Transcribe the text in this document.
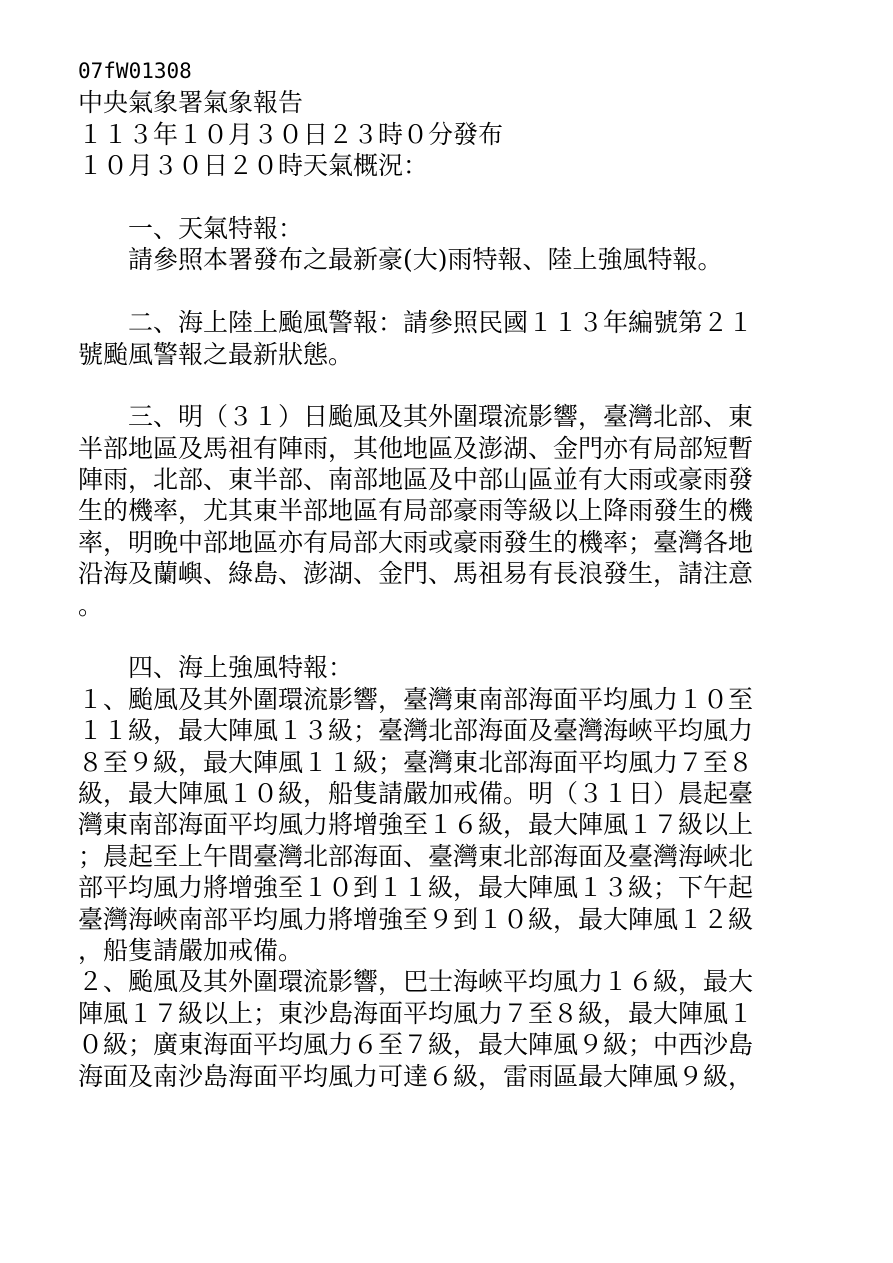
07fW01308
中央氣象署氣象報告
１１３年１０月３０日２３時０分發布
１０月３０日２０時天氣概況：
　　一、天氣特報：
　　請參照本署發布之最新豪(大)雨特報、陸上強風特報。
　　二、海上陸上颱風警報：請參照民國１１３年編號第２１
號颱風警報之最新狀態。
　　三、明（３１）日颱風及其外圍環流影響，臺灣北部、東
半部地區及馬祖有陣雨，其他地區及澎湖、金門亦有局部短暫
陣雨，北部、東半部、南部地區及中部山區並有大雨或豪雨發
生的機率，尤其東半部地區有局部豪雨等級以上降雨發生的機
率，明晚中部地區亦有局部大雨或豪雨發生的機率；臺灣各地
沿海及蘭嶼、綠島、澎湖、金門、馬祖易有長浪發生，請注意
。
　　四、海上強風特報：
１、颱風及其外圍環流影響，臺灣東南部海面平均風力１０至
１１級，最大陣風１３級；臺灣北部海面及臺灣海峽平均風力
８至９級，最大陣風１１級；臺灣東北部海面平均風力７至８
級，最大陣風１０級，船隻請嚴加戒備。明（３１日）晨起臺
灣東南部海面平均風力將增強至１６級，最大陣風１７級以上
；晨起至上午間臺灣北部海面、臺灣東北部海面及臺灣海峽北
部平均風力將增強至１０到１１級，最大陣風１３級；下午起
臺灣海峽南部平均風力將增強至９到１０級，最大陣風１２級
，船隻請嚴加戒備。
２、颱風及其外圍環流影響，巴士海峽平均風力１６級，最大
陣風１７級以上；東沙島海面平均風力７至８級，最大陣風１
０級；廣東海面平均風力６至７級，最大陣風９級；中西沙島
海面及南沙島海面平均風力可達６級，雷雨區最大陣風９級，
